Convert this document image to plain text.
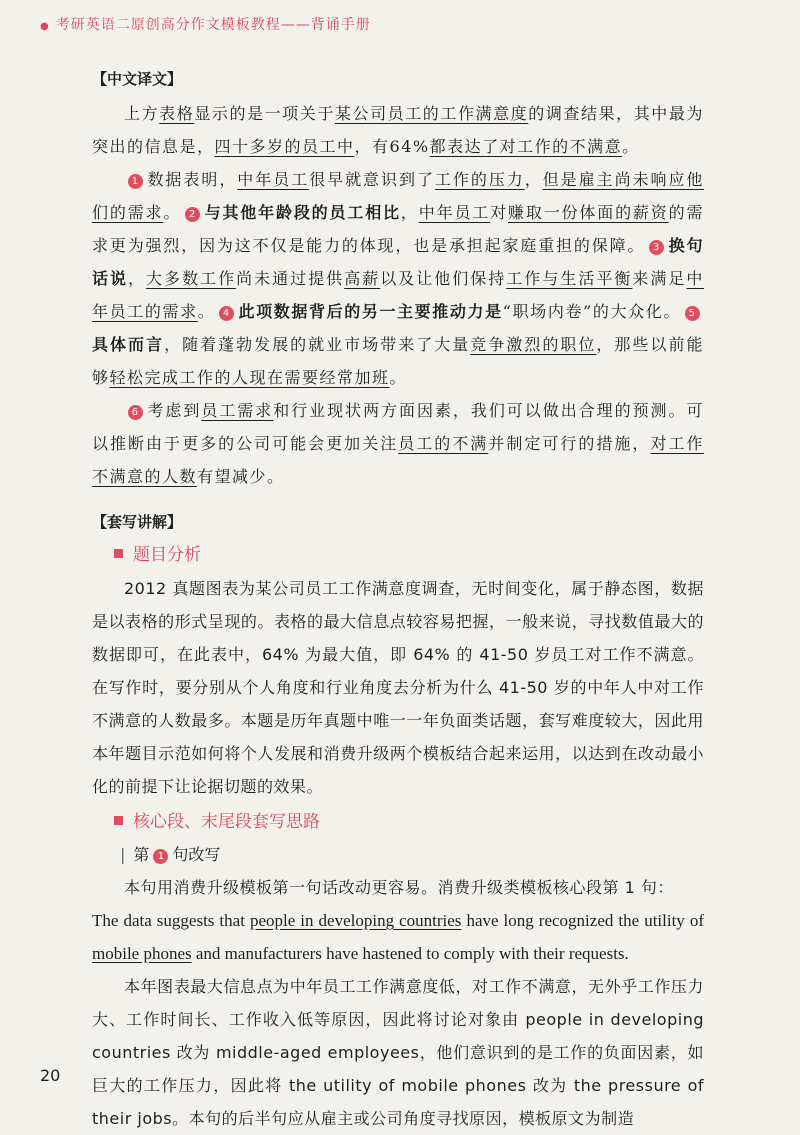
● 考研英语二原创高分作文模板教程——背诵手册
【中文译文】

上方表格显示的是一项关于某公司员工的工作满意度的调查结果，其中最为突出的信息是，四十多岁的员工中，有64%都表达了对工作的不满意。

1 数据表明，中年员工很早就意识到了工作的压力，但是雇主尚未响应他们的需求。 2 与其他年龄段的员工相比，中年员工对赚取一份体面的薪资的需求更为强烈，因为这不仅是能力的体现，也是承担起家庭重担的保障。 3 换句话说，大多数工作尚未通过提供高薪以及让他们保持工作与生活平衡来满足中年员工的需求。 4 此项数据背后的另一主要推动力是“职场内卷”的大众化。 5具体而言，随着蓬勃发展的就业市场带来了大量竞争激烈的职位，那些以前能够轻松完成工作的人现在需要经常加班。

6 考虑到员工需求和行业现状两方面因素，我们可以做出合理的预测。可以推断由于更多的公司可能会更加关注员工的不满并制定可行的措施，对工作不满意的人数有望减少。

【套写讲解】
题目分析

2012 真题图表为某公司员工工作满意度调查，无时间变化，属于静态图，数据是以表格的形式呈现的。表格的最大信息点较容易把握，一般来说，寻找数值最大的数据即可，在此表中，64% 为最大值，即 64% 的 41-50 岁员工对工作不满意。在写作时，要分别从个人角度和行业角度去分析为什么 41-50 岁的中年人中对工作不满意的人数最多。本题是历年真题中唯一一年负面类话题，套写难度较大，因此用本年题目示范如何将个人发展和消费升级两个模板结合起来运用，以达到在改动最小化的前提下让论据切题的效果。

核心段、末尾段套写思路
| 第 1 句改写

本句用消费升级模板第一句话改动更容易。消费升级类模板核心段第 1 句：

The data suggests that people in developing countries have long recognized the utility of mobile phones and manufacturers have hastened to comply with their requests.

本年图表最大信息点为中年员工工作满意度低，对工作不满意，无外乎工作压力大、工作时间长、工作收入低等原因，因此将讨论对象由 people in developing countries 改为 middle-aged employees，他们意识到的是工作的负面因素，如巨大的工作压力，因此将 the utility of mobile phones 改为 the pressure of their jobs。本句的后半句应从雇主或公司角度寻找原因，模板原文为制造

20
